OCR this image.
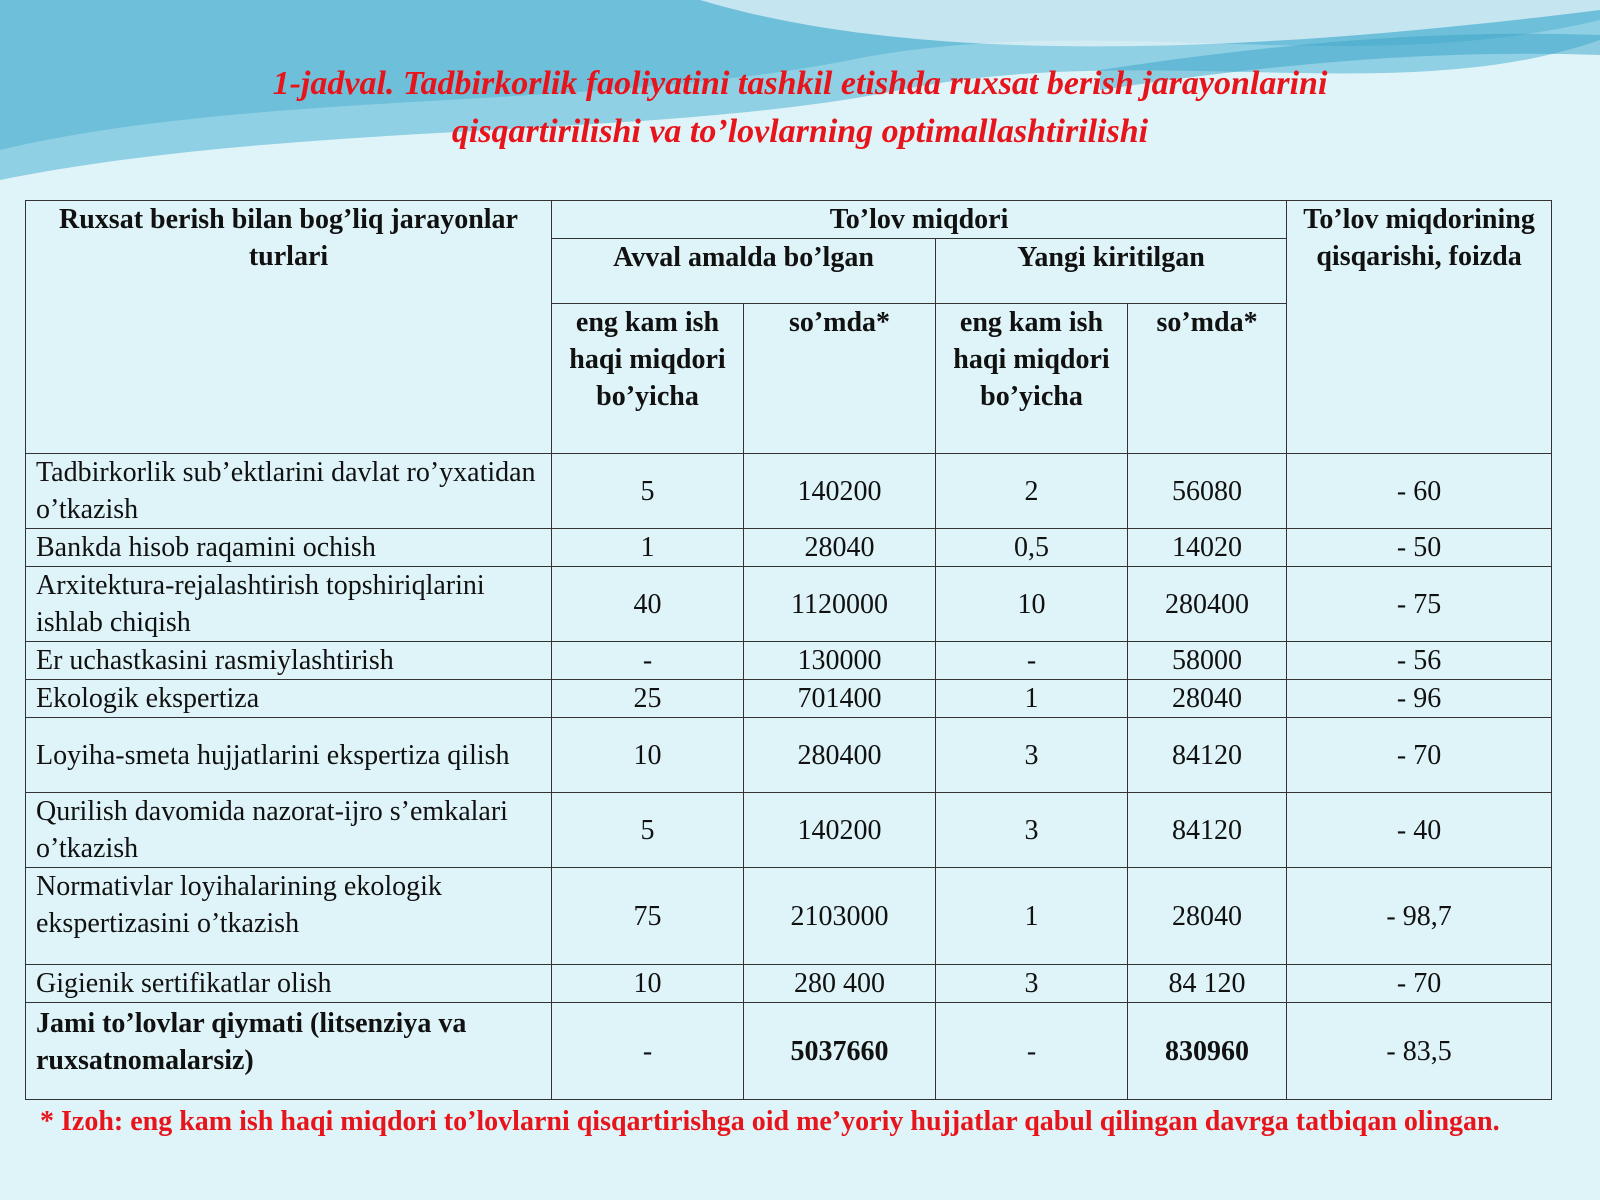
1-jadval. Tadbirkorlik faoliyatini tashkil etishda ruxsat berish jarayonlarini
qisqartirilishi va to’lovlarning optimallashtirilishi
Ruxsat berish bilan bog’liq jarayonlar turlari	To’lov miqdori				To’lov miqdorining qisqarishi, foizda
	Avval amalda bo’lgan		Yangi kiritilgan		
	eng kam ish haqi miqdori bo’yicha	so’mda*	eng kam ish haqi miqdori bo’yicha	so’mda*	
Tadbirkorlik sub’ektlarini davlat ro’yxatidan o’tkazish	5	140200	2	56080	- 60
Bankda hisob raqamini ochish	1	28040	0,5	14020	- 50
Arxitektura-rejalashtirish topshiriqlarini ishlab chiqish	40	1120000	10	280400	- 75
Er uchastkasini rasmiylashtirish	-	130000	-	58000	- 56
Ekologik ekspertiza	25	701400	1	28040	- 96
Loyiha-smeta hujjatlarini ekspertiza qilish	10	280400	3	84120	- 70
Qurilish davomida nazorat-ijro s’emkalari o’tkazish	5	140200	3	84120	- 40
Normativlar loyihalarining ekologik ekspertizasini o’tkazish	75	2103000	1	28040	- 98,7
Gigienik sertifikatlar olish	10	280 400	3	84 120	- 70
Jami to’lovlar qiymati (litsenziya va ruxsatnomalarsiz)	-	5037660	-	830960	- 83,5
* Izoh: eng kam ish haqi miqdori to’lovlarni qisqartirishga oid me’yoriy hujjatlar qabul qilingan davrga tatbiqan olingan.
